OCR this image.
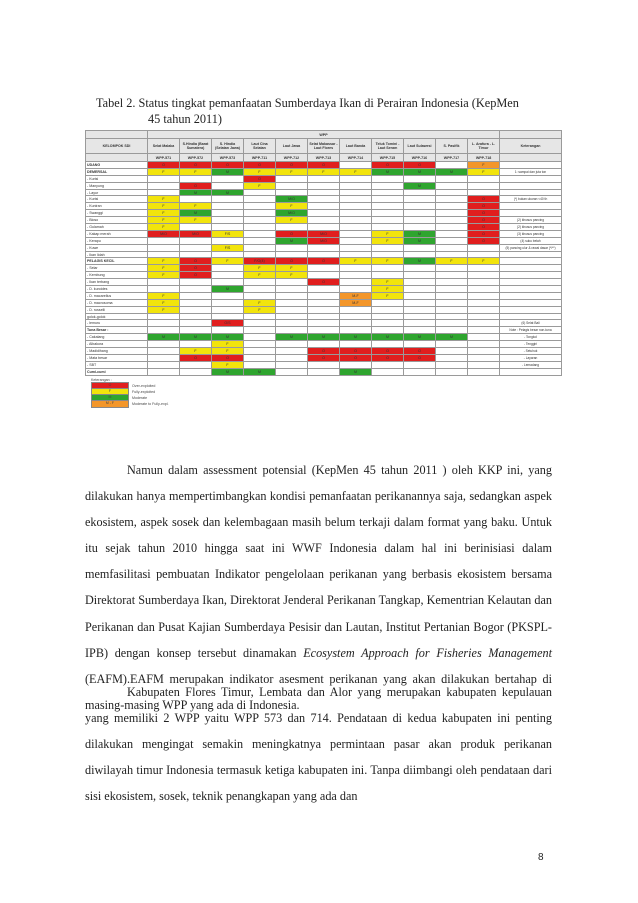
Tabel 2. Status tingkat pemanfaatan Sumberdaya Ikan di Perairan Indonesia (KepMen
45 tahun 2011)
	WPP											
KELOMPOK SDI	Selat Malaka	S.Hindia (Barat Sumatera)	S. Hindia (Selatan Jawa)	Laut Cina Selatan	Laut Jawa	Selat Makassar - Laut Flores	Laut Banda	Teluk Tomini - Laut Seram	Laut Sulawesi	S. Pasifik	L. Arafura - L. Timur	Keterangan
	WPP-571	WPP-572	WPP-573	WPP-711	WPP-712	WPP-713	WPP-714	WPP-715	WPP-716	WPP-717	WPP-718	
UDANG	O	O	O	O	O	O		O	O		F	
DEMERSAL	F	F	M	F	F	F	F	M	M	M	F	1: sampai dan juta ton
- Kurisi				O								
- Manyung		O		F					M			
- Layur		M	M									
- Kurisi	F				M/O						O	(*) bukan ukuran <40 th
- Kuniran	F	F			F						O	
- Swanggi	F	M			M/O						O	
- Bloso	F	F			F						O	(2) khusus pancing
- Gulamah	F										O	(2) khusus pancing
- Kakap merah	M/O	M/O	F/S		O	M/O		F	M		O	(3) khusus pancing
- Kerapu					M	M/O		F	M		O	(4) suku belah
- Kuwe			F/S									(5) pancing ulur & rawai dasar (*/**)
- Ikan lidah												
PELAGIS KECIL	F	O	F	F/O(4)	O	O	F	F	M	F	F	
- Selar	F	O		F	F							
- Kembung	F	O		F	F							
- Ikan terbang						O		F				
- D. kuroides			M					F				
- D. macarellus	F						M-F	F				
- D. macrosoma	F			F			M-F					
- D. russelli	F			F								
golok-golok												
- lemuru			O/S									(6) Selat Bali
Tuna Besar :												Note : Pelagis besar non-tuna
- Cakalang	M	M	M		M	M	M	M	M	M		- Tongkol
- Albakora			F									- Tenggiri
- Madidihang		F	F			O	O	O	O			- Setuhuk
- Mata besar		O	O			O	O	O	O			- Layaran
- SBT			F									- Lemadang
Cumi-cumi			M	M			M					
Keterangan :
O	Over-exploited
F	Fully-exploited
M	Moderate
M - F	Moderate to Fully-expl.

Namun dalam assessment potensial (KepMen 45 tahun 2011 ) oleh KKP ini, yang dilakukan hanya mempertimbangkan kondisi pemanfaatan perikanannya saja, sedangkan aspek ekosistem, aspek sosek dan kelembagaan masih belum terkaji dalam format yang baku. Untuk itu sejak tahun 2010 hingga saat ini WWF Indonesia dalam hal ini berinisiasi dalam memfasilitasi pembuatan Indikator pengelolaan perikanan yang berbasis ekosistem bersama Direktorat Sumberdaya Ikan, Direktorat Jenderal Perikanan Tangkap, Kementrian Kelautan dan Perikanan dan Pusat Kajian Sumberdaya Pesisir dan Lautan, Institut Pertanian Bogor (PKSPL-IPB) dengan konsep tersebut dinamakan Ecosystem Approach for Fisheries Management (EAFM).EAFM merupakan indikator asesment perikanan yang akan dilakukan bertahap di masing-masing WPP yang ada di Indonesia.

Kabupaten Flores Timur, Lembata dan Alor yang merupakan kabupaten kepulauan yang memiliki 2 WPP yaitu WPP 573 dan 714. Pendataan di kedua kabupaten ini penting dilakukan mengingat semakin meningkatnya permintaan pasar akan produk perikanan diwilayah timur Indonesia termasuk ketiga kabupaten ini. Tanpa diimbangi oleh pendataan dari sisi ekosistem, sosek, teknik penangkapan yang ada dan

8
